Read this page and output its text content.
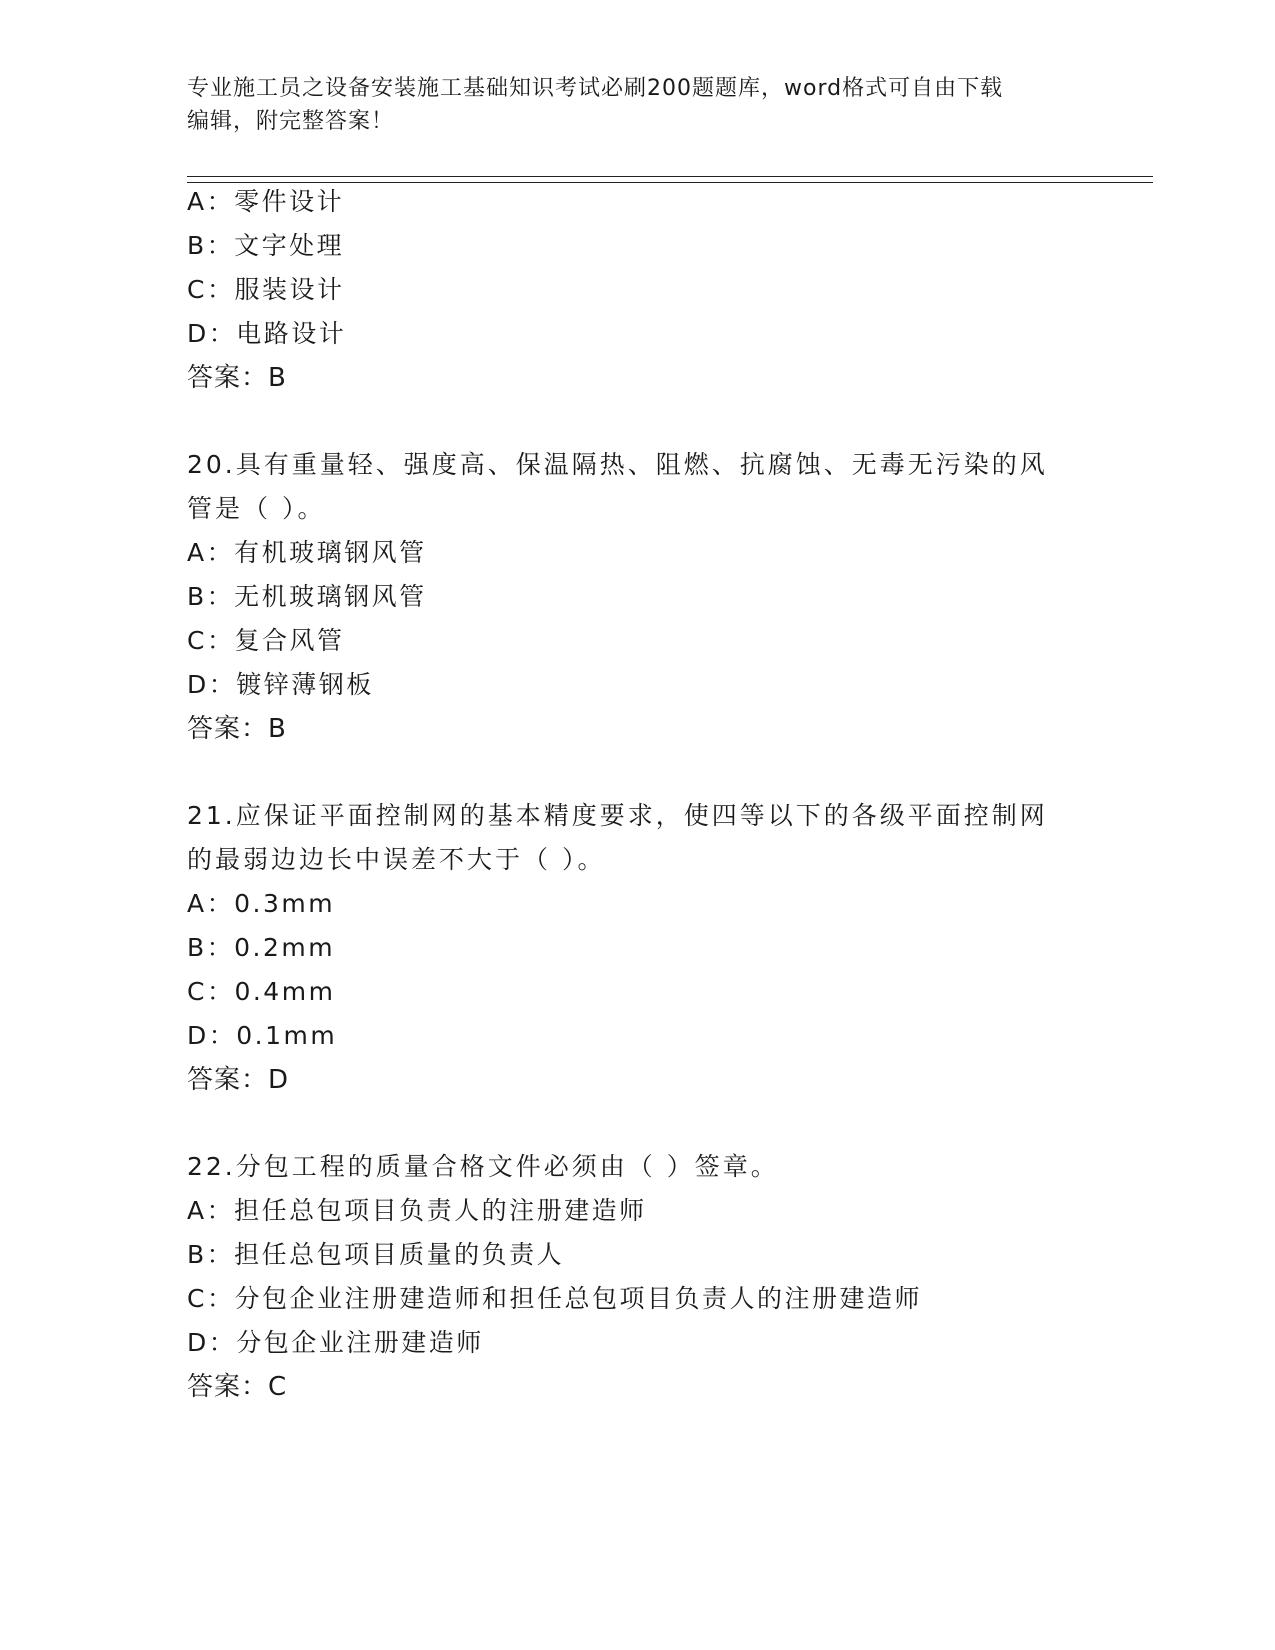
专业施工员之设备安装施工基础知识考试必刷200题题库，word格式可自由下载
编辑，附完整答案！
A：零件设计
B：文字处理
C：服装设计
D：电路设计
答案：B
20.具有重量轻、强度高、保温隔热、阻燃、抗腐蚀、无毒无污染的风
管是（ ）。
A：有机玻璃钢风管
B：无机玻璃钢风管
C：复合风管
D：镀锌薄钢板
答案：B
21.应保证平面控制网的基本精度要求，使四等以下的各级平面控制网
的最弱边边长中误差不大于（ ）。
A：0.3mm
B：0.2mm
C：0.4mm
D：0.1mm
答案：D
22.分包工程的质量合格文件必须由（ ）签章。
A：担任总包项目负责人的注册建造师
B：担任总包项目质量的负责人
C：分包企业注册建造师和担任总包项目负责人的注册建造师
D：分包企业注册建造师
答案：C
